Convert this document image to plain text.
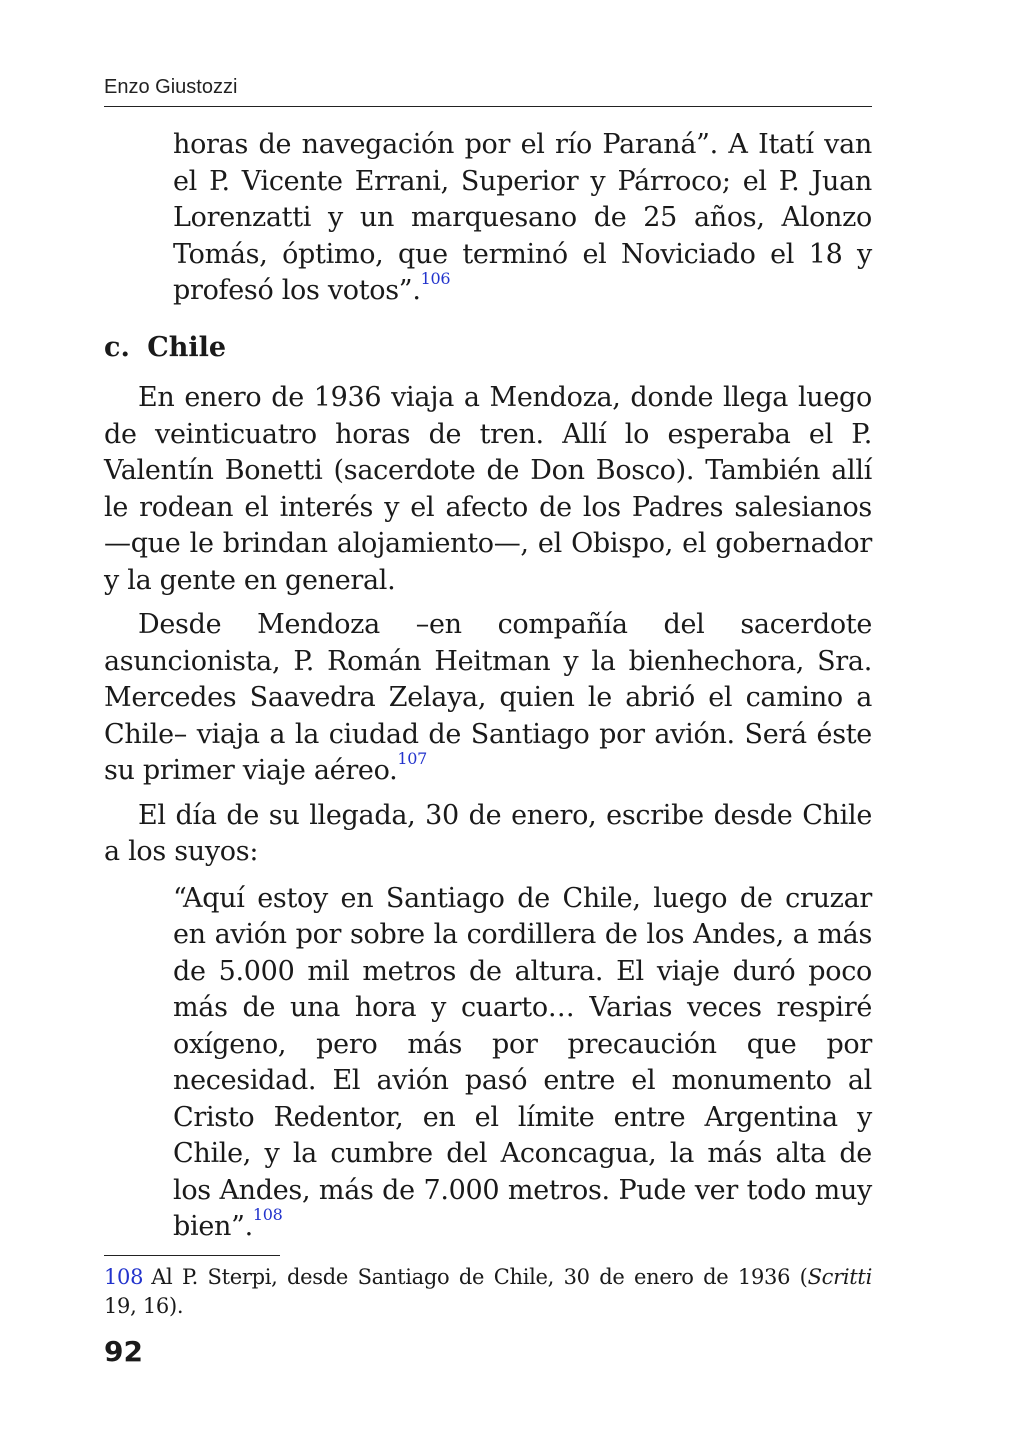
Enzo Giustozzi

horas de navegación por el río Paraná”. A Itatí van el P. Vicente Errani, Superior y Párroco; el P. Juan Lorenzatti y un marquesano de 25 años, Alonzo Tomás, óptimo, que terminó el Noviciado el 18 y profesó los votos”.$^{106}$

c. Chile

En enero de 1936 viaja a Mendoza, donde llega luego de veinticuatro horas de tren. Allí lo esperaba el P. Valentín Bonetti (sacerdote de Don Bosco). También allí le rodean el interés y el afecto de los Padres salesianos —que le brindan alojamiento—, el Obispo, el gobernador y la gente en general.

Desde Mendoza –en compañía del sacerdote asuncionista, P. Román Heitman y la bienhechora, Sra. Mercedes Saavedra Zelaya, quien le abrió el camino a Chile– viaja a la ciudad de Santiago por avión. Será éste su primer viaje aéreo.$^{107}$

El día de su llegada, 30 de enero, escribe desde Chile a los suyos:

“Aquí estoy en Santiago de Chile, luego de cruzar en avión por sobre la cordillera de los Andes, a más de 5.000 mil metros de altura. El viaje duró poco más de una hora y cuarto… Varias veces respiré oxígeno, pero más por precaución que por necesidad. El avión pasó entre el monumento al Cristo Redentor, en el límite entre Argentina y Chile, y la cumbre del Aconcagua, la más alta de los Andes, más de 7.000 metros. Pude ver todo muy bien”.$^{108}$

108 Al P. Sterpi, desde Santiago de Chile, 30 de enero de 1936 (Scritti 19, 16).
92
